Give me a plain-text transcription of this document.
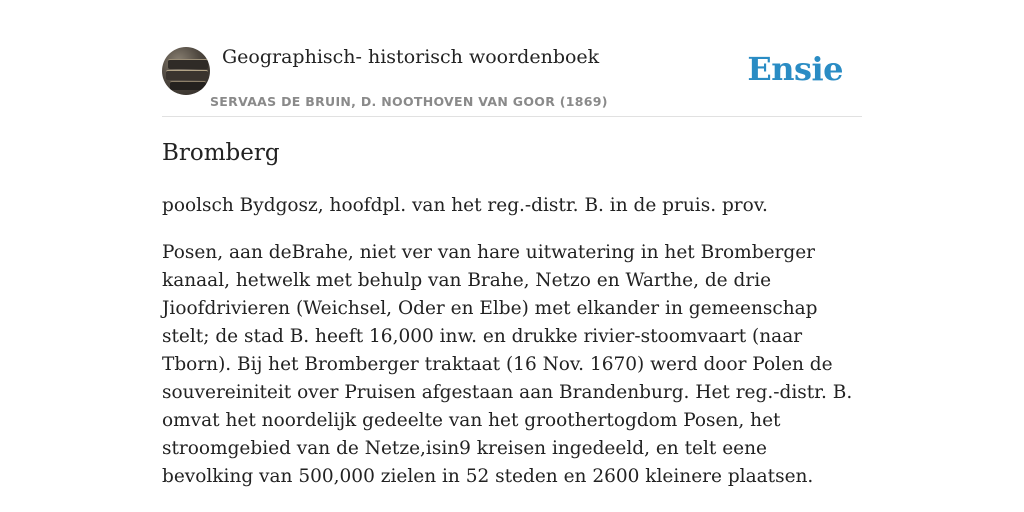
Geographisch- historisch woordenboek
SERVAAS DE BRUIN, D. NOOTHOVEN VAN GOOR (1869)
Ensie
Bromberg

poolsch Bydgosz, hoofdpl. van het reg.-distr. B. in de pruis. prov.

Posen, aan deBrahe, niet ver van hare uitwatering in het Bromberger kanaal, hetwelk met behulp van Brahe, Netzo en Warthe, de drie Jioofdrivieren (Weichsel, Oder en Elbe) met elkander in gemeenschap stelt; de stad B. heeft 16,000 inw. en drukke rivier-stoomvaart (naar Tborn). Bij het Bromberger traktaat (16 Nov. 1670) werd door Polen de souvereiniteit over Pruisen afgestaan aan Brandenburg. Het reg.-distr. B. omvat het noordelijk gedeelte van het groothertogdom Posen, het stroomgebied van de Netze,isin9 kreisen ingedeeld, en telt eene bevolking van 500,000 zielen in 52 steden en 2600 kleinere plaatsen.
